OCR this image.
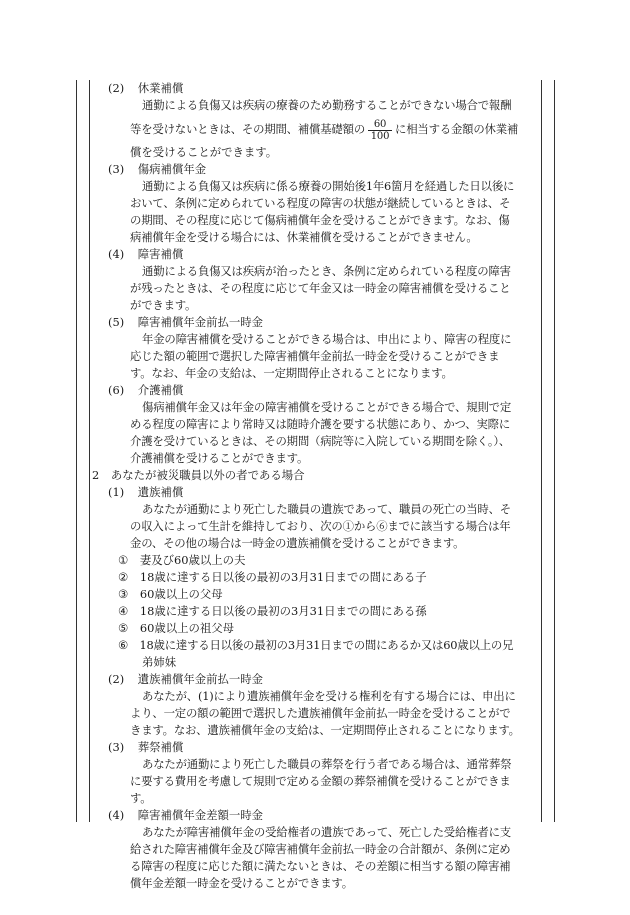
(2) 休業補償
通勤による負傷又は疾病の療養のため勤務することができない場合で報酬
等を受けないときは、その期間、補償基礎額の $\frac{60}{100}$ に相当する金額の休業補
償を受けることができます。
(3) 傷病補償年金
通勤による負傷又は疾病に係る療養の開始後1年6箇月を経過した日以後に
おいて、条例に定められている程度の障害の状態が継続しているときは、そ
の期間、その程度に応じて傷病補償年金を受けることができます。なお、傷
病補償年金を受ける場合には、休業補償を受けることができません。
(4) 障害補償
通勤による負傷又は疾病が治ったとき、条例に定められている程度の障害
が残ったときは、その程度に応じて年金又は一時金の障害補償を受けること
ができます。
(5) 障害補償年金前払一時金
年金の障害補償を受けることができる場合は、申出により、障害の程度に
応じた額の範囲で選択した障害補償年金前払一時金を受けることができま
す。なお、年金の支給は、一定期間停止されることになります。
(6) 介護補償
傷病補償年金又は年金の障害補償を受けることができる場合で、規則で定
める程度の障害により常時又は随時介護を要する状態にあり、かつ、実際に
介護を受けているときは、その期間（病院等に入院している期間を除く。）、
介護補償を受けることができます。
2 あなたが被災職員以外の者である場合
(1) 遺族補償
あなたが通勤により死亡した職員の遺族であって、職員の死亡の当時、そ
の収入によって生計を維持しており、次の①から⑥までに該当する場合は年
金の、その他の場合は一時金の遺族補償を受けることができます。
① 妻及び60歳以上の夫
② 18歳に達する日以後の最初の3月31日までの間にある子
③ 60歳以上の父母
④ 18歳に達する日以後の最初の3月31日までの間にある孫
⑤ 60歳以上の祖父母
⑥ 18歳に達する日以後の最初の3月31日までの間にあるか又は60歳以上の兄
弟姉妹
(2) 遺族補償年金前払一時金
あなたが、(1)により遺族補償年金を受ける権利を有する場合には、申出に
より、一定の額の範囲で選択した遺族補償年金前払一時金を受けることがで
きます。なお、遺族補償年金の支給は、一定期間停止されることになります。
(3) 葬祭補償
あなたが通勤により死亡した職員の葬祭を行う者である場合は、通常葬祭
に要する費用を考慮して規則で定める金額の葬祭補償を受けることができま
す。
(4) 障害補償年金差額一時金
あなたが障害補償年金の受給権者の遺族であって、死亡した受給権者に支
給された障害補償年金及び障害補償年金前払一時金の合計額が、条例に定め
る障害の程度に応じた額に満たないときは、その差額に相当する額の障害補
償年金差額一時金を受けることができます。
